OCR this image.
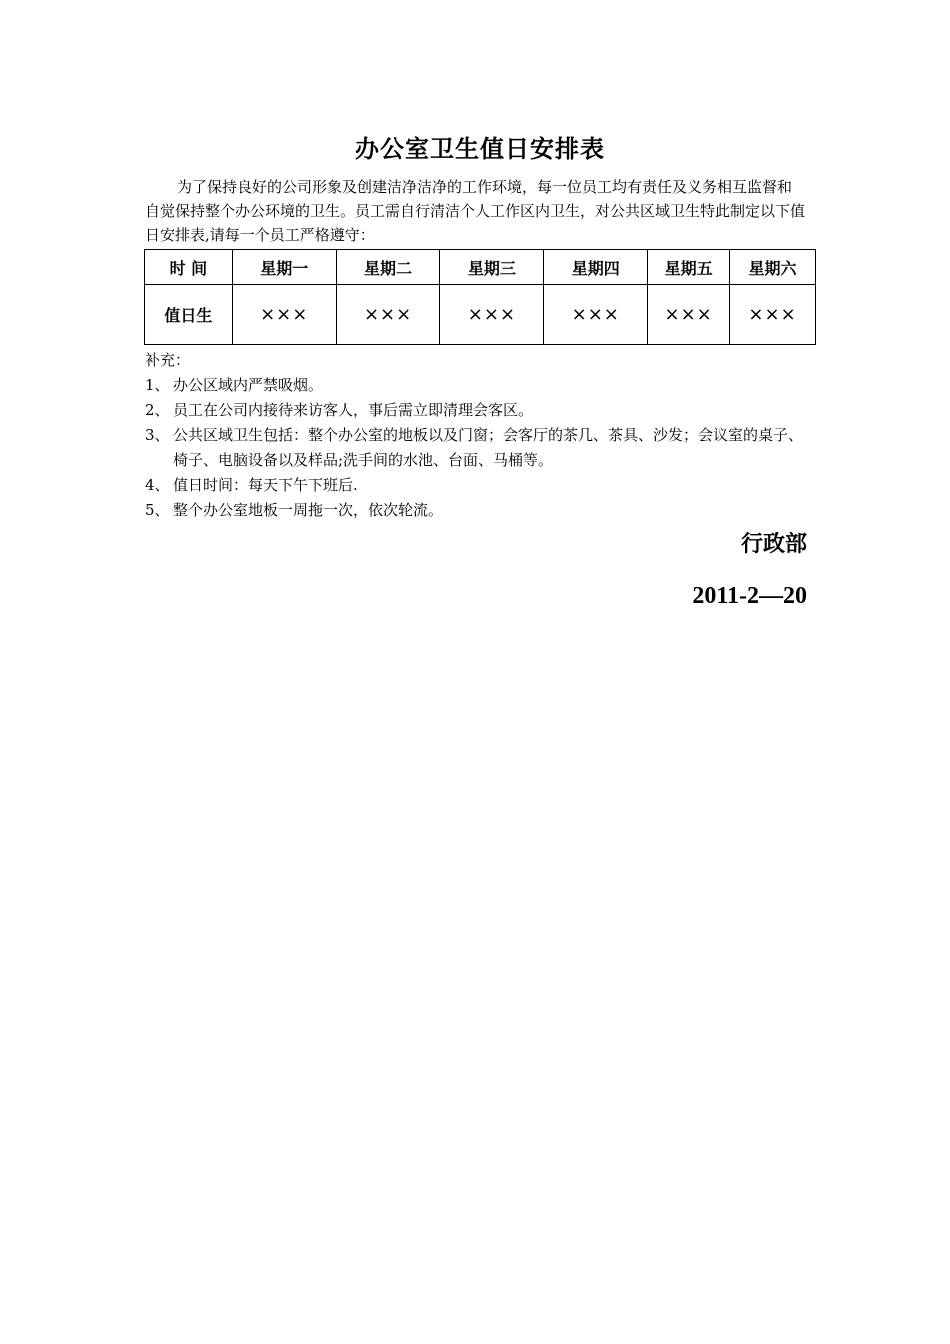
办公室卫生值日安排表

为了保持良好的公司形象及创建洁净洁净的工作环境，每一位员工均有责任及义务相互监督和自觉保持整个办公环境的卫生。员工需自行清洁个人工作区内卫生，对公共区域卫生特此制定以下值日安排表,请每一个员工严格遵守：

时 间	星期一	星期二	星期三	星期四	星期五	星期六
值日生	×××	×××	×××	×××	×××	×××

补充：

1、 办公区域内严禁吸烟。
2、 员工在公司内接待来访客人，事后需立即清理会客区。
3、 公共区域卫生包括：整个办公室的地板以及门窗；会客厅的茶几、茶具、沙发；会议室的桌子、椅子、电脑设备以及样品;洗手间的水池、台面、马桶等。
4、 值日时间：每天下午下班后.
5、 整个办公室地板一周拖一次，依次轮流。
行政部
2011-2—20
